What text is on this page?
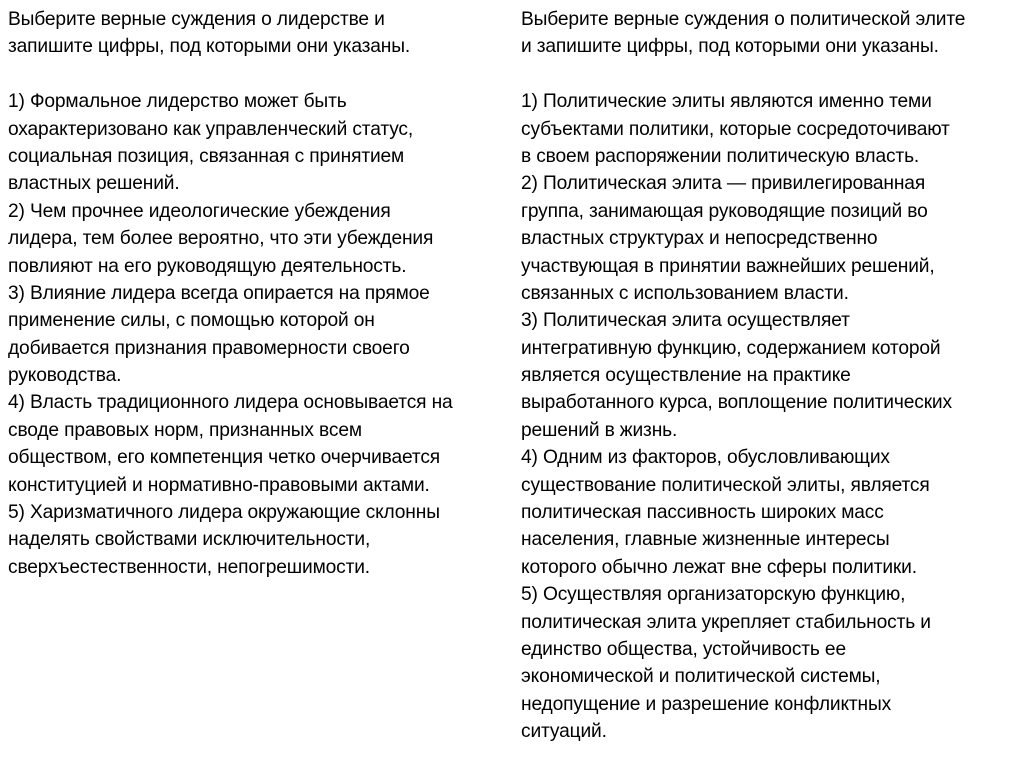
Выберите верные суждения о лидерстве и
запишите цифры, под которыми они указаны.
1) Формальное лидерство может быть
охарактеризовано как управленческий статус,
социальная позиция, связанная с принятием
властных решений.
2) Чем прочнее идеологические убеждения
лидера, тем более вероятно, что эти убеждения
повлияют на его руководящую деятельность.
3) Влияние лидера всегда опирается на прямое
применение силы, с помощью которой он
добивается признания правомерности своего
руководства.
4) Власть традиционного лидера основывается на
своде правовых норм, признанных всем
обществом, его компетенция четко очерчивается
конституцией и нормативно-правовыми актами.
5) Харизматичного лидера окружающие склонны
наделять свойствами исключительности,
сверхъестественности, непогрешимости.
Выберите верные суждения о политической элите
и запишите цифры, под которыми они указаны.
1) Политические элиты являются именно теми
субъектами политики, которые сосредоточивают
в своем распоряжении политическую власть.
2) Политическая элита — привилегированная
группа, занимающая руководящие позиций во
властных структурах и непосредственно
участвующая в принятии важнейших решений,
связанных с использованием власти.
3) Политическая элита осуществляет
интегративную функцию, содержанием которой
является осуществление на практике
выработанного курса, воплощение политических
решений в жизнь.
4) Одним из факторов, обусловливающих
существование политической элиты, является
политическая пассивность широких масс
населения, главные жизненные интересы
которого обычно лежат вне сферы политики.
5) Осуществляя организаторскую функцию,
политическая элита укрепляет стабильность и
единство общества, устойчивость ее
экономической и политической системы,
недопущение и разрешение конфликтных
ситуаций.
